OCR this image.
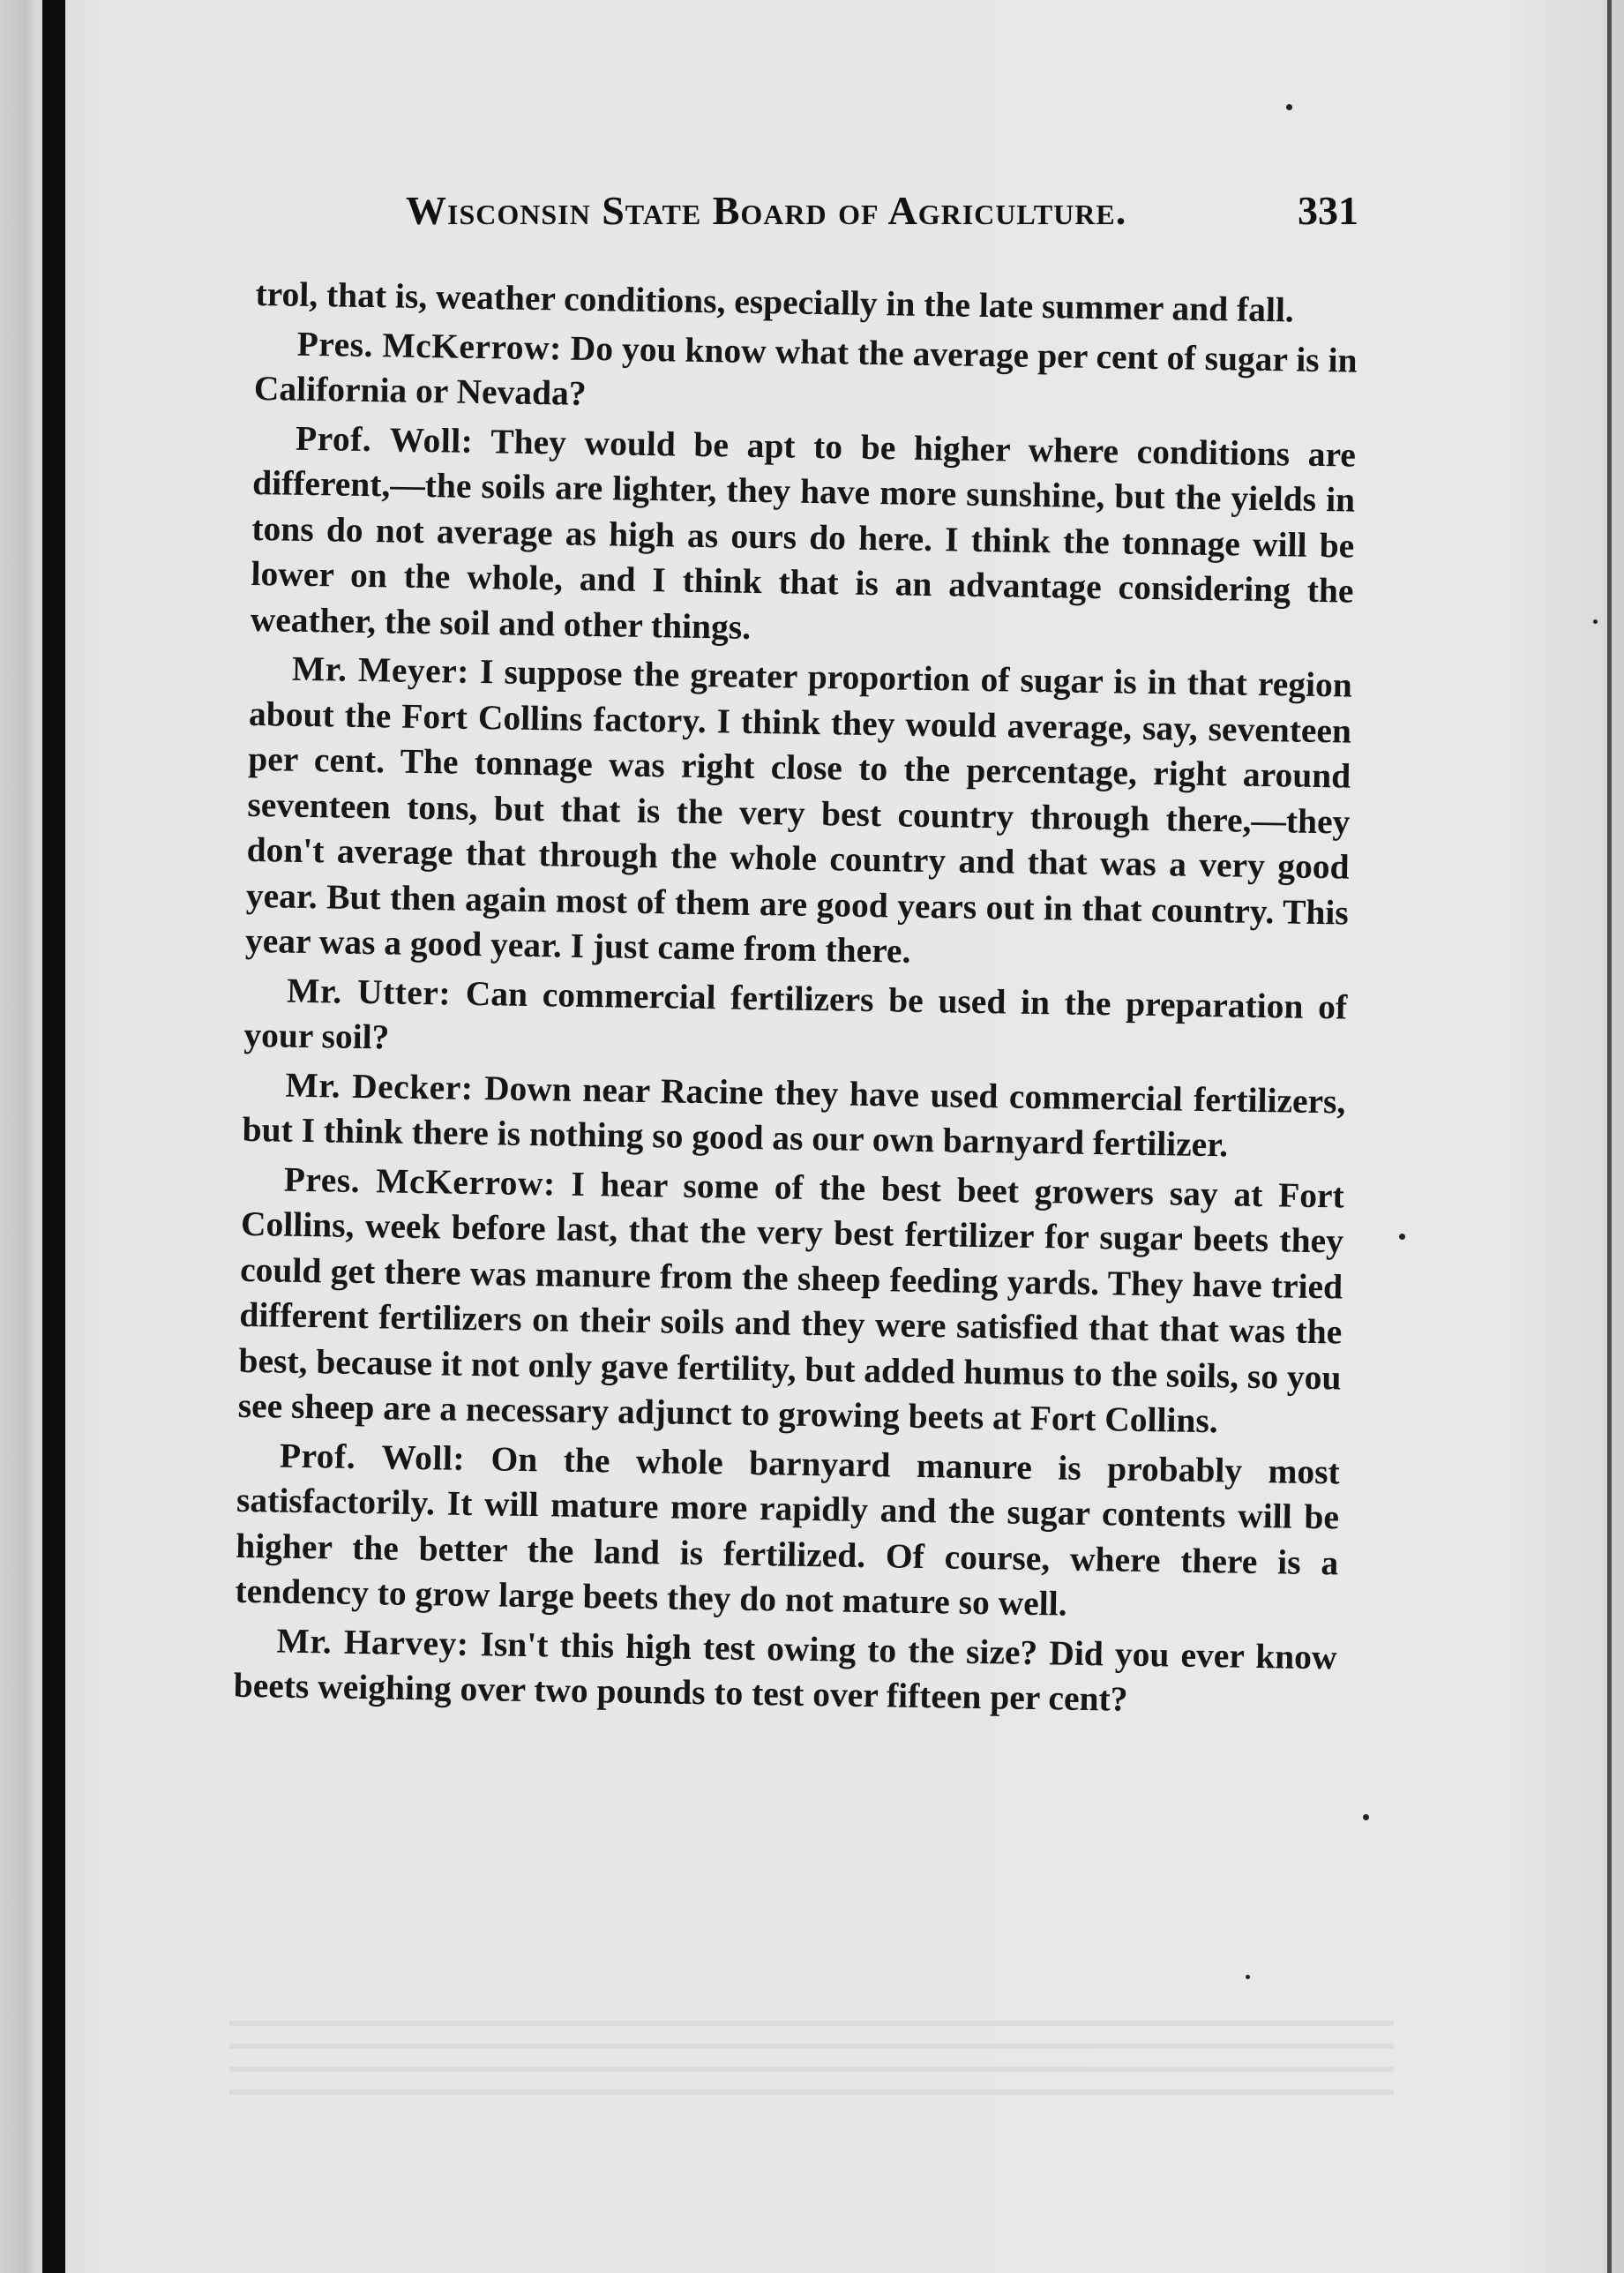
Wisconsin State Board of Agriculture.	331

trol, that is, weather conditions, especially in the late summer and fall.

Pres. McKerrow: Do you know what the average per cent of sugar is in California or Nevada?

Prof. Woll: They would be apt to be higher where conditions are different,—the soils are lighter, they have more sunshine, but the yields in tons do not average as high as ours do here. I think the tonnage will be lower on the whole, and I think that is an advantage considering the weather, the soil and other things.

Mr. Meyer: I suppose the greater proportion of sugar is in that region about the Fort Collins factory. I think they would average, say, seventeen per cent. The tonnage was right close to the percentage, right around seventeen tons, but that is the very best country through there,—they don't average that through the whole country and that was a very good year. But then again most of them are good years out in that country. This year was a good year. I just came from there.

Mr. Utter: Can commercial fertilizers be used in the preparation of your soil?

Mr. Decker: Down near Racine they have used commercial fertilizers, but I think there is nothing so good as our own barnyard fertilizer.

Pres. McKerrow: I hear some of the best beet growers say at Fort Collins, week before last, that the very best fertilizer for sugar beets they could get there was manure from the sheep feeding yards. They have tried different fertilizers on their soils and they were satisfied that that was the best, because it not only gave fertility, but added humus to the soils, so you see sheep are a necessary adjunct to growing beets at Fort Collins.

Prof. Woll: On the whole barnyard manure is probably most satisfactorily. It will mature more rapidly and the sugar contents will be higher the better the land is fertilized. Of course, where there is a tendency to grow large beets they do not mature so well.

Mr. Harvey: Isn't this high test owing to the size? Did you ever know beets weighing over two pounds to test over fifteen per cent?
